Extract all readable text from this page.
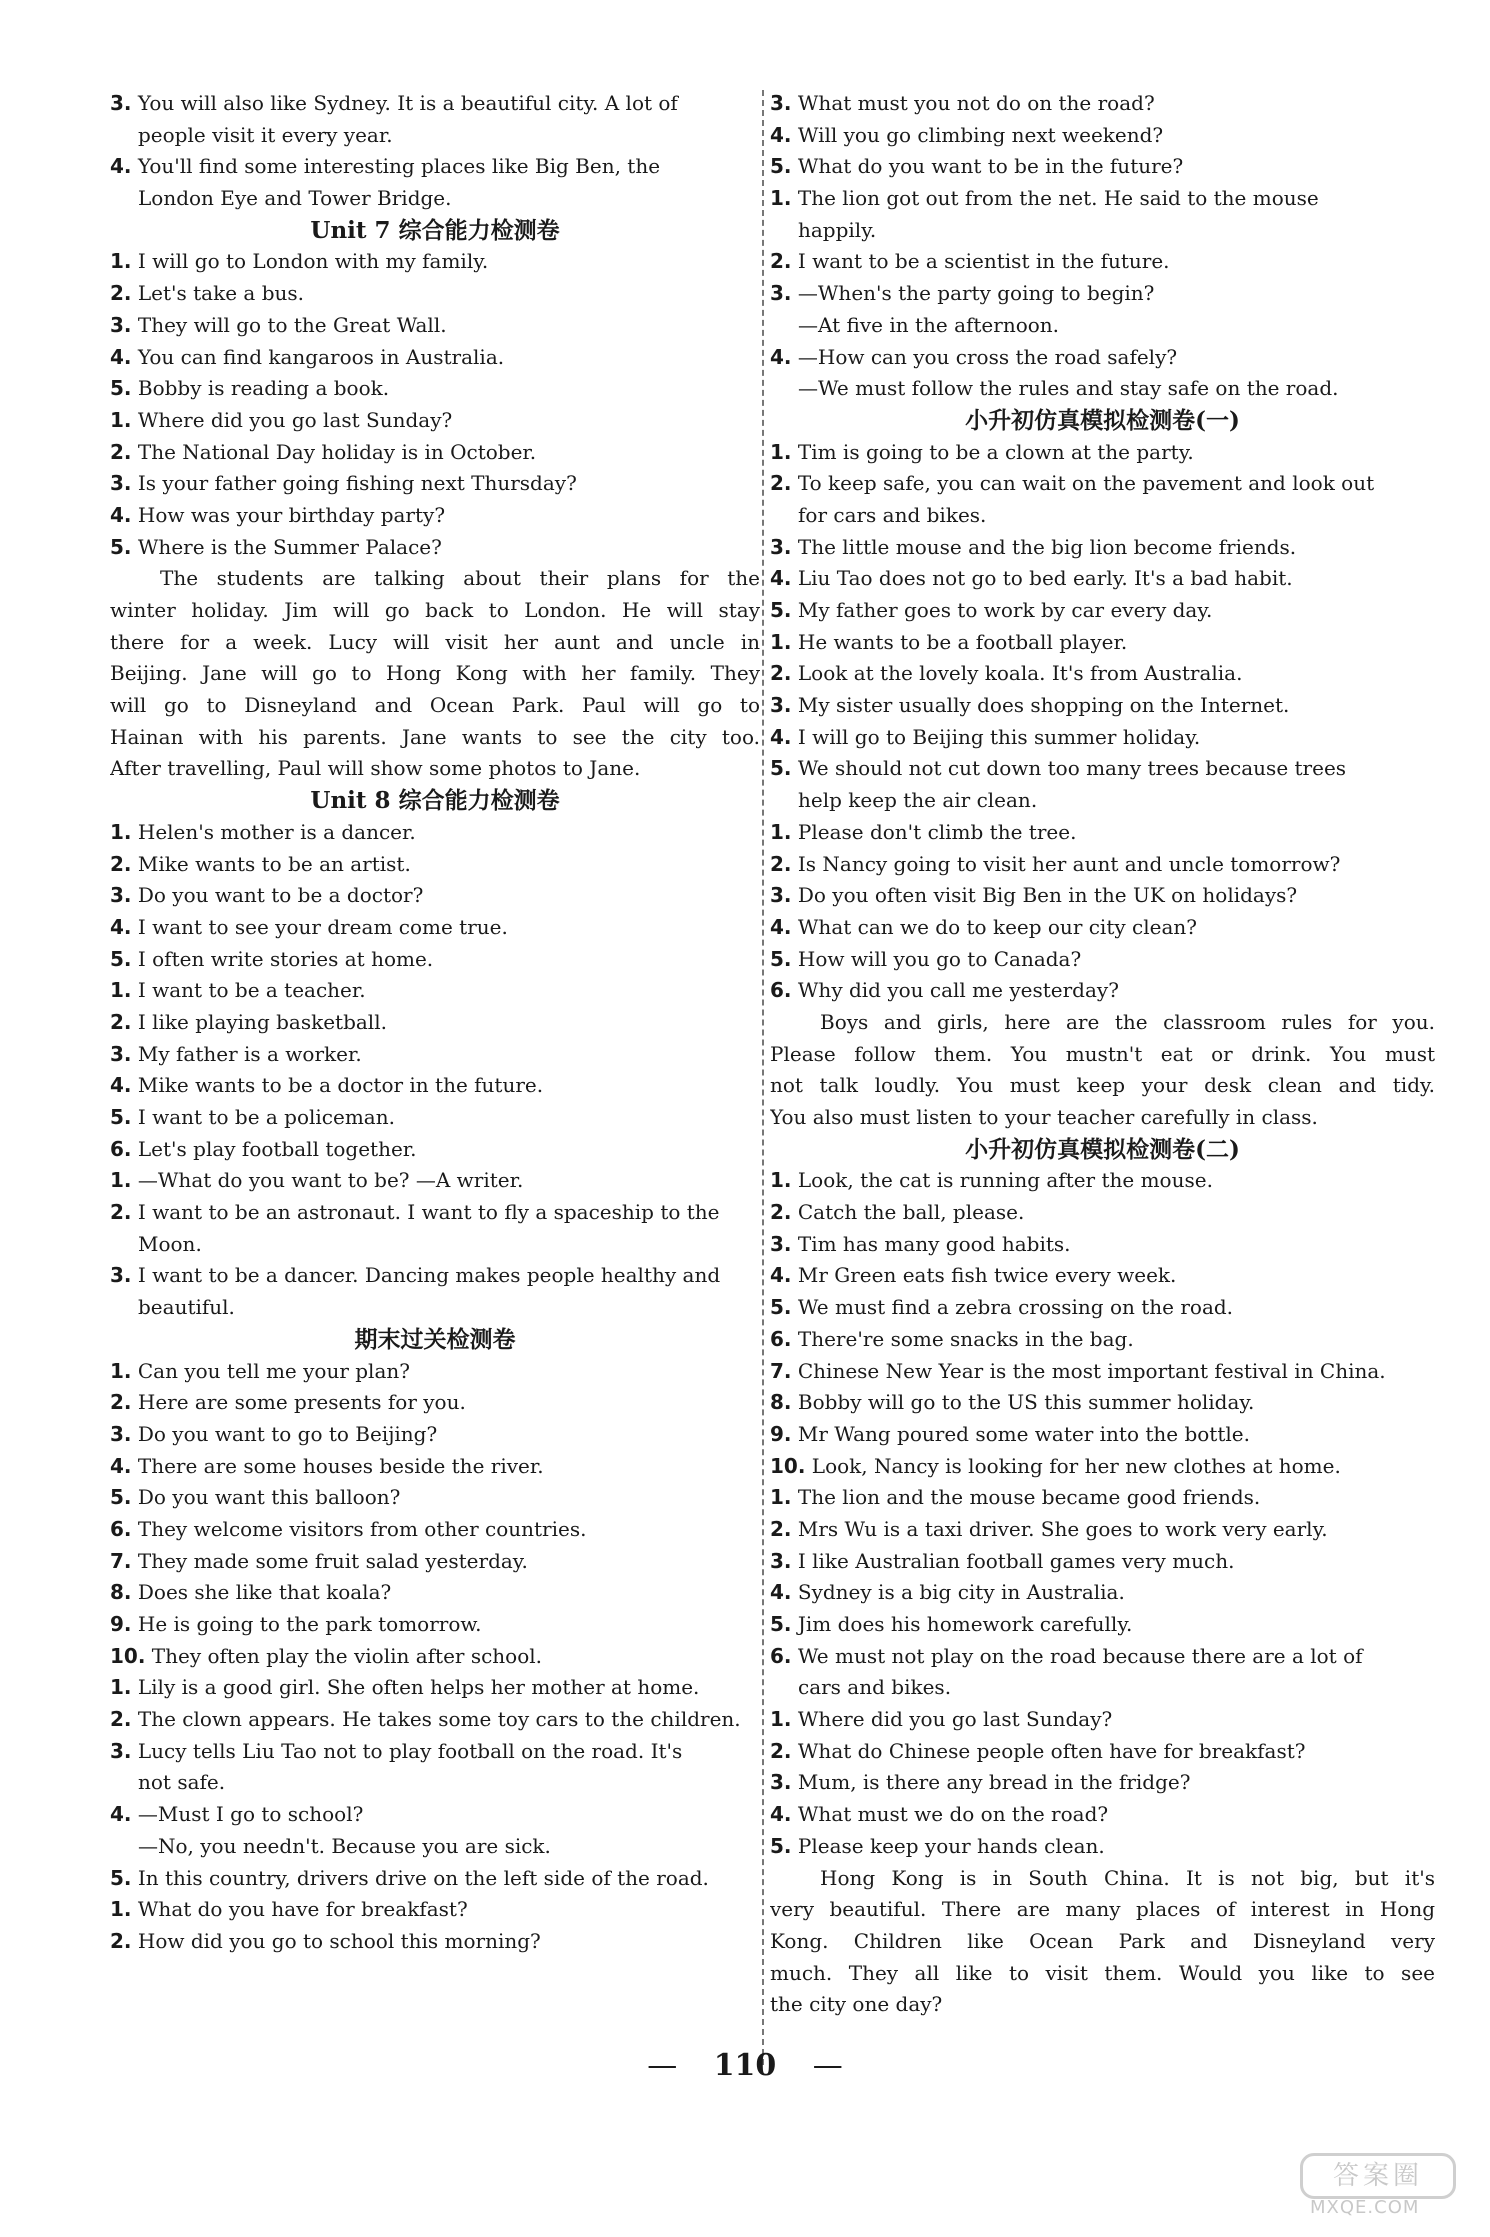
3. You will also like Sydney. It is a beautiful city. A lot of
people visit it every year.
4. You'll find some interesting places like Big Ben, the
London Eye and Tower Bridge.
Unit 7 综合能力检测卷
1. I will go to London with my family.
2. Let's take a bus.
3. They will go to the Great Wall.
4. You can find kangaroos in Australia.
5. Bobby is reading a book.
1. Where did you go last Sunday?
2. The National Day holiday is in October.
3. Is your father going fishing next Thursday?
4. How was your birthday party?
5. Where is the Summer Palace?
The students are talking about their plans for the
winter holiday. Jim will go back to London. He will stay
there for a week. Lucy will visit her aunt and uncle in
Beijing. Jane will go to Hong Kong with her family. They
will go to Disneyland and Ocean Park. Paul will go to
Hainan with his parents. Jane wants to see the city too.
After travelling, Paul will show some photos to Jane.
Unit 8 综合能力检测卷
1. Helen's mother is a dancer.
2. Mike wants to be an artist.
3. Do you want to be a doctor?
4. I want to see your dream come true.
5. I often write stories at home.
1. I want to be a teacher.
2. I like playing basketball.
3. My father is a worker.
4. Mike wants to be a doctor in the future.
5. I want to be a policeman.
6. Let's play football together.
1. —What do you want to be? —A writer.
2. I want to be an astronaut. I want to fly a spaceship to the
Moon.
3. I want to be a dancer. Dancing makes people healthy and
beautiful.
期末过关检测卷
1. Can you tell me your plan?
2. Here are some presents for you.
3. Do you want to go to Beijing?
4. There are some houses beside the river.
5. Do you want this balloon?
6. They welcome visitors from other countries.
7. They made some fruit salad yesterday.
8. Does she like that koala?
9. He is going to the park tomorrow.
10. They often play the violin after school.
1. Lily is a good girl. She often helps her mother at home.
2. The clown appears. He takes some toy cars to the children.
3. Lucy tells Liu Tao not to play football on the road. It's
not safe.
4. —Must I go to school?
—No, you needn't. Because you are sick.
5. In this country, drivers drive on the left side of the road.
1. What do you have for breakfast?
2. How did you go to school this morning?
3. What must you not do on the road?
4. Will you go climbing next weekend?
5. What do you want to be in the future?
1. The lion got out from the net. He said to the mouse
happily.
2. I want to be a scientist in the future.
3. —When's the party going to begin?
—At five in the afternoon.
4. —How can you cross the road safely?
—We must follow the rules and stay safe on the road.
小升初仿真模拟检测卷(一)
1. Tim is going to be a clown at the party.
2. To keep safe, you can wait on the pavement and look out
for cars and bikes.
3. The little mouse and the big lion become friends.
4. Liu Tao does not go to bed early. It's a bad habit.
5. My father goes to work by car every day.
1. He wants to be a football player.
2. Look at the lovely koala. It's from Australia.
3. My sister usually does shopping on the Internet.
4. I will go to Beijing this summer holiday.
5. We should not cut down too many trees because trees
help keep the air clean.
1. Please don't climb the tree.
2. Is Nancy going to visit her aunt and uncle tomorrow?
3. Do you often visit Big Ben in the UK on holidays?
4. What can we do to keep our city clean?
5. How will you go to Canada?
6. Why did you call me yesterday?
Boys and girls, here are the classroom rules for you.
Please follow them. You mustn't eat or drink. You must
not talk loudly. You must keep your desk clean and tidy.
You also must listen to your teacher carefully in class.
小升初仿真模拟检测卷(二)
1. Look, the cat is running after the mouse.
2. Catch the ball, please.
3. Tim has many good habits.
4. Mr Green eats fish twice every week.
5. We must find a zebra crossing on the road.
6. There're some snacks in the bag.
7. Chinese New Year is the most important festival in China.
8. Bobby will go to the US this summer holiday.
9. Mr Wang poured some water into the bottle.
10. Look, Nancy is looking for her new clothes at home.
1. The lion and the mouse became good friends.
2. Mrs Wu is a taxi driver. She goes to work very early.
3. I like Australian football games very much.
4. Sydney is a big city in Australia.
5. Jim does his homework carefully.
6. We must not play on the road because there are a lot of
cars and bikes.
1. Where did you go last Sunday?
2. What do Chinese people often have for breakfast?
3. Mum, is there any bread in the fridge?
4. What must we do on the road?
5. Please keep your hands clean.
Hong Kong is in South China. It is not big, but it's
very beautiful. There are many places of interest in Hong
Kong. Children like Ocean Park and Disneyland very
much. They all like to visit them. Would you like to see
the city one day?
— 110 —
答案圈
MXQE.COM
